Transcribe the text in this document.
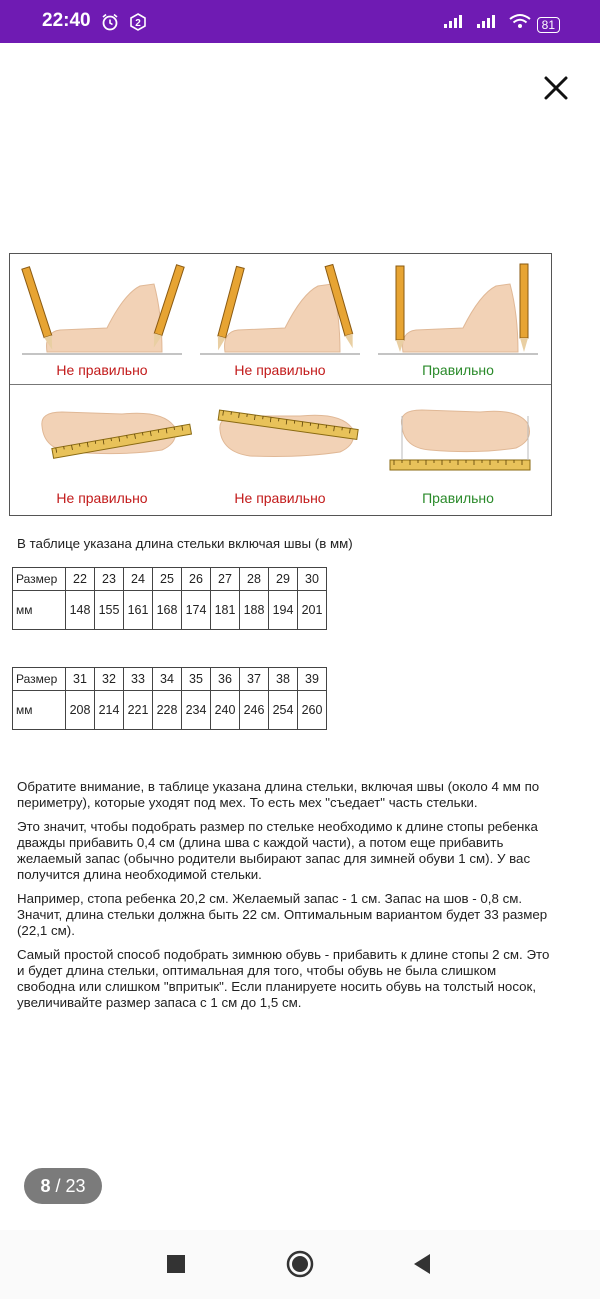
22:40
	2	81
Не правильно	Не правильно	Правильно
Не правильно	Не правильно	Правильно
В таблице указана длина стельки включая швы (в мм)
Размер	22	23	24	25	26	27	28	29	30
мм	148	155	161	168	174	181	188	194	201
Размер	31	32	33	34	35	36	37	38	39
мм	208	214	221	228	234	240	246	254	260
Обратите внимание, в таблице указана длина стельки, включая швы (около 4 мм по периметру), которые уходят под мех. То есть мех "съедает" часть стельки.
Это значит, чтобы подобрать размер по стельке необходимо к длине стопы ребенка дважды прибавить 0,4 см (длина шва с каждой части), а потом еще прибавить желаемый запас (обычно родители выбирают запас для зимней обуви 1 см). У вас получится длина необходимой стельки.
Например, стопа ребенка 20,2 см. Желаемый запас - 1 см. Запас на шов - 0,8 см. Значит, длина стельки должна быть 22 см. Оптимальным вариантом будет 33 размер (22,1 см).
Самый простой способ подобрать зимнюю обувь - прибавить к длине стопы 2 см. Это и будет длина стельки, оптимальная для того, чтобы обувь не была слишком свободна или слишком "впритык". Если планируете носить обувь на толстый носок, увеличивайте размер запаса с 1 см до 1,5 см.
8 / 23
